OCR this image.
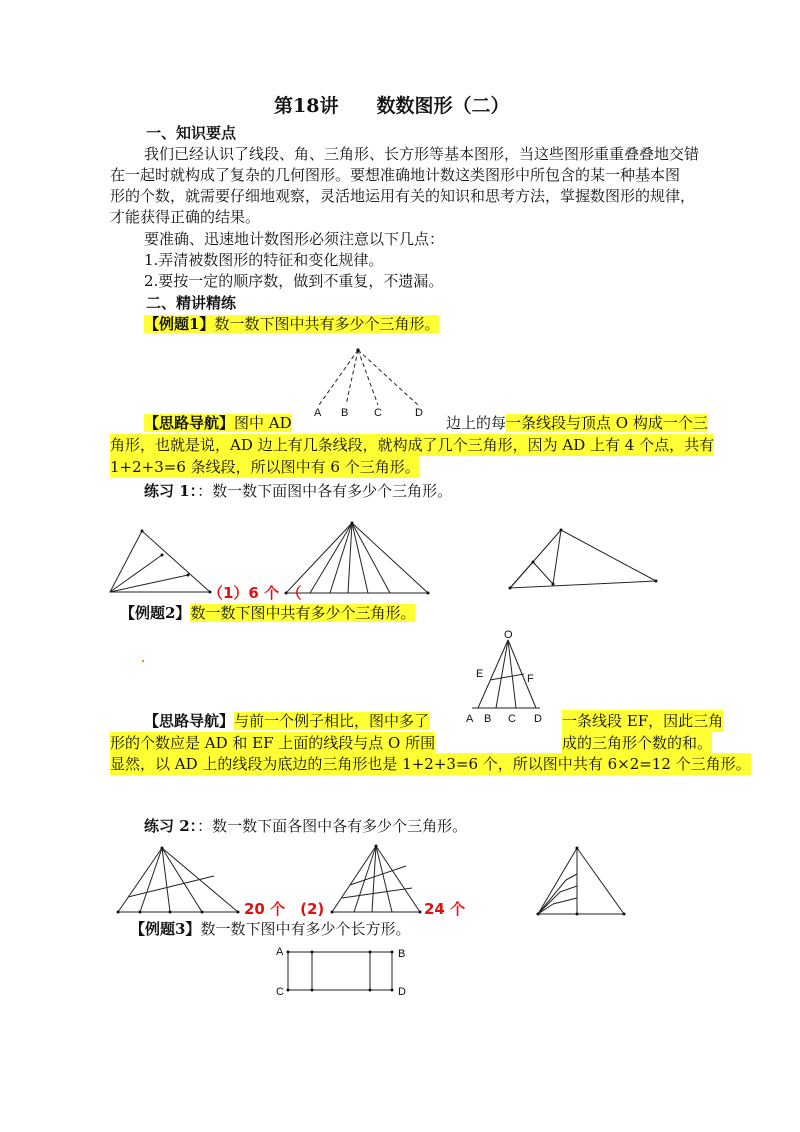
第18讲　　数数图形（二）
一、知识要点
我们已经认识了线段、角、三角形、长方形等基本图形，当这些图形重重叠叠地交错
在一起时就构成了复杂的几何图形。要想准确地计数这类图形中所包含的某一种基本图
形的个数，就需要仔细地观察，灵活地运用有关的知识和思考方法，掌握数图形的规律，
才能获得正确的结果。
要准确、迅速地计数图形必须注意以下几点：
1.弄清被数图形的特征和变化规律。
2.要按一定的顺序数，做到不重复，不遗漏。
二、精讲精练
【例题1】数一数下图中共有多少个三角形。
A B C	D
【思路导航】图中 AD	边上的每一条线段与顶点 O 构成一个三
角形，也就是说，AD 边上有几条线段，就构成了几个三角形，因为 AD 上有 4 个点，共有
1+2+3=6 条线段，所以图中有 6 个三角形。
练习 1：：数一数下面图中各有多少个三角形。
（1）6 个　（
【例题2】数一数下图中共有多少个三角形。
O
E	F
A B C D
【思路导航】与前一个例子相比，图中多了	一条线段 EF，因此三角
形的个数应是 AD 和 EF 上面的线段与点 O 所围	成的三角形个数的和。
显然，以 AD 上的线段为底边的三角形也是 1+2+3=6 个，所以图中共有 6×2=12 个三角形。
练习 2：：数一数下面各图中各有多少个三角形。
20 个　(2)	24 个
【例题3】数一数下图中有多少个长方形。
A	B
C	D
